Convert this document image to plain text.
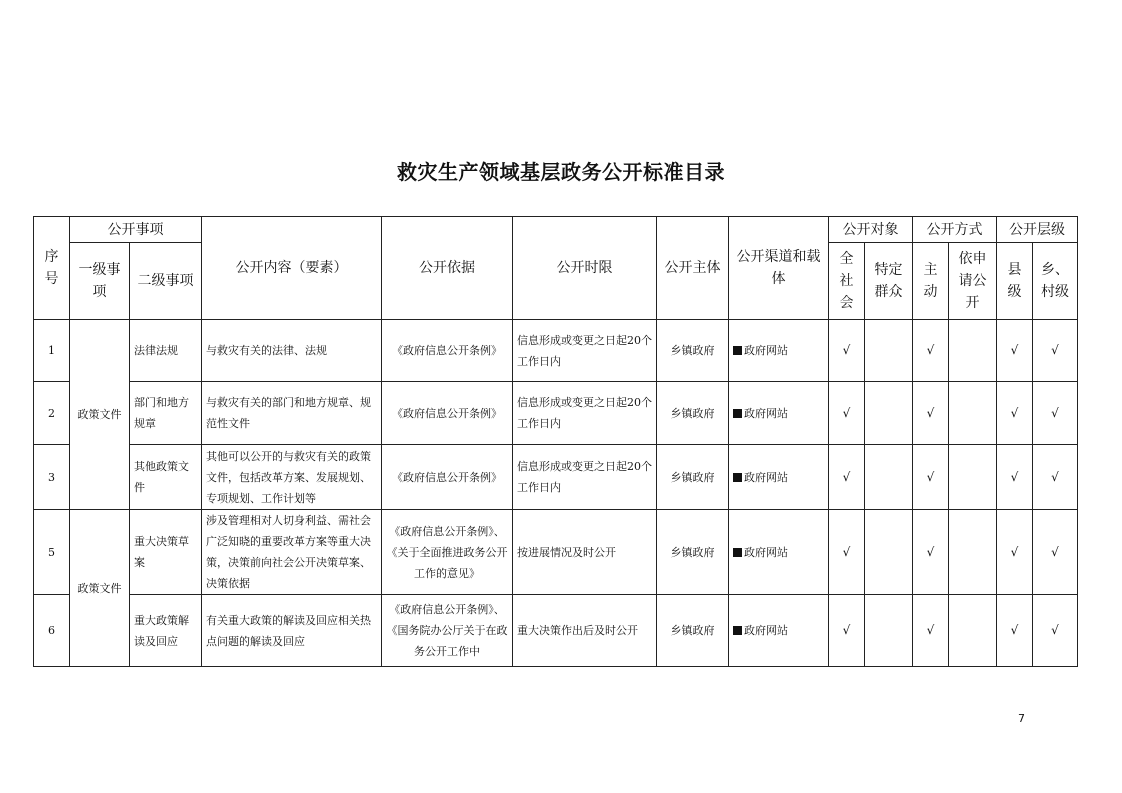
救灾生产领域基层政务公开标准目录
序号	公开事项		公开内容（要素）	公开依据	公开时限	公开主体	公开渠道和载体	公开对象		公开方式		公开层级	
	一级事项	二级事项						全社会	特定群众	主动	依申请公开	县级	乡、村级
1	政策文件	法律法规	与救灾有关的法律、法规	《政府信息公开条例》	信息形成或变更之日起20个工作日内	乡镇政府	政府网站	√		√		√	√
2		部门和地方规章	与救灾有关的部门和地方规章、规范性文件	《政府信息公开条例》	信息形成或变更之日起20个工作日内	乡镇政府	政府网站	√		√		√	√
3		其他政策文件	其他可以公开的与救灾有关的政策文件，包括改革方案、发展规划、专项规划、工作计划等	《政府信息公开条例》	信息形成或变更之日起20个工作日内	乡镇政府	政府网站	√		√		√	√
5	政策文件	重大决策草案	涉及管理相对人切身利益、需社会广泛知晓的重要改革方案等重大决策，决策前向社会公开决策草案、决策依据	《政府信息公开条例》、《关于全面推进政务公开工作的意见》	按进展情况及时公开	乡镇政府	政府网站	√		√		√	√
6		重大政策解读及回应	有关重大政策的解读及回应相关热点问题的解读及回应	《政府信息公开条例》、《国务院办公厅关于在政务公开工作中	重大决策作出后及时公开	乡镇政府	政府网站	√		√		√	√
7
